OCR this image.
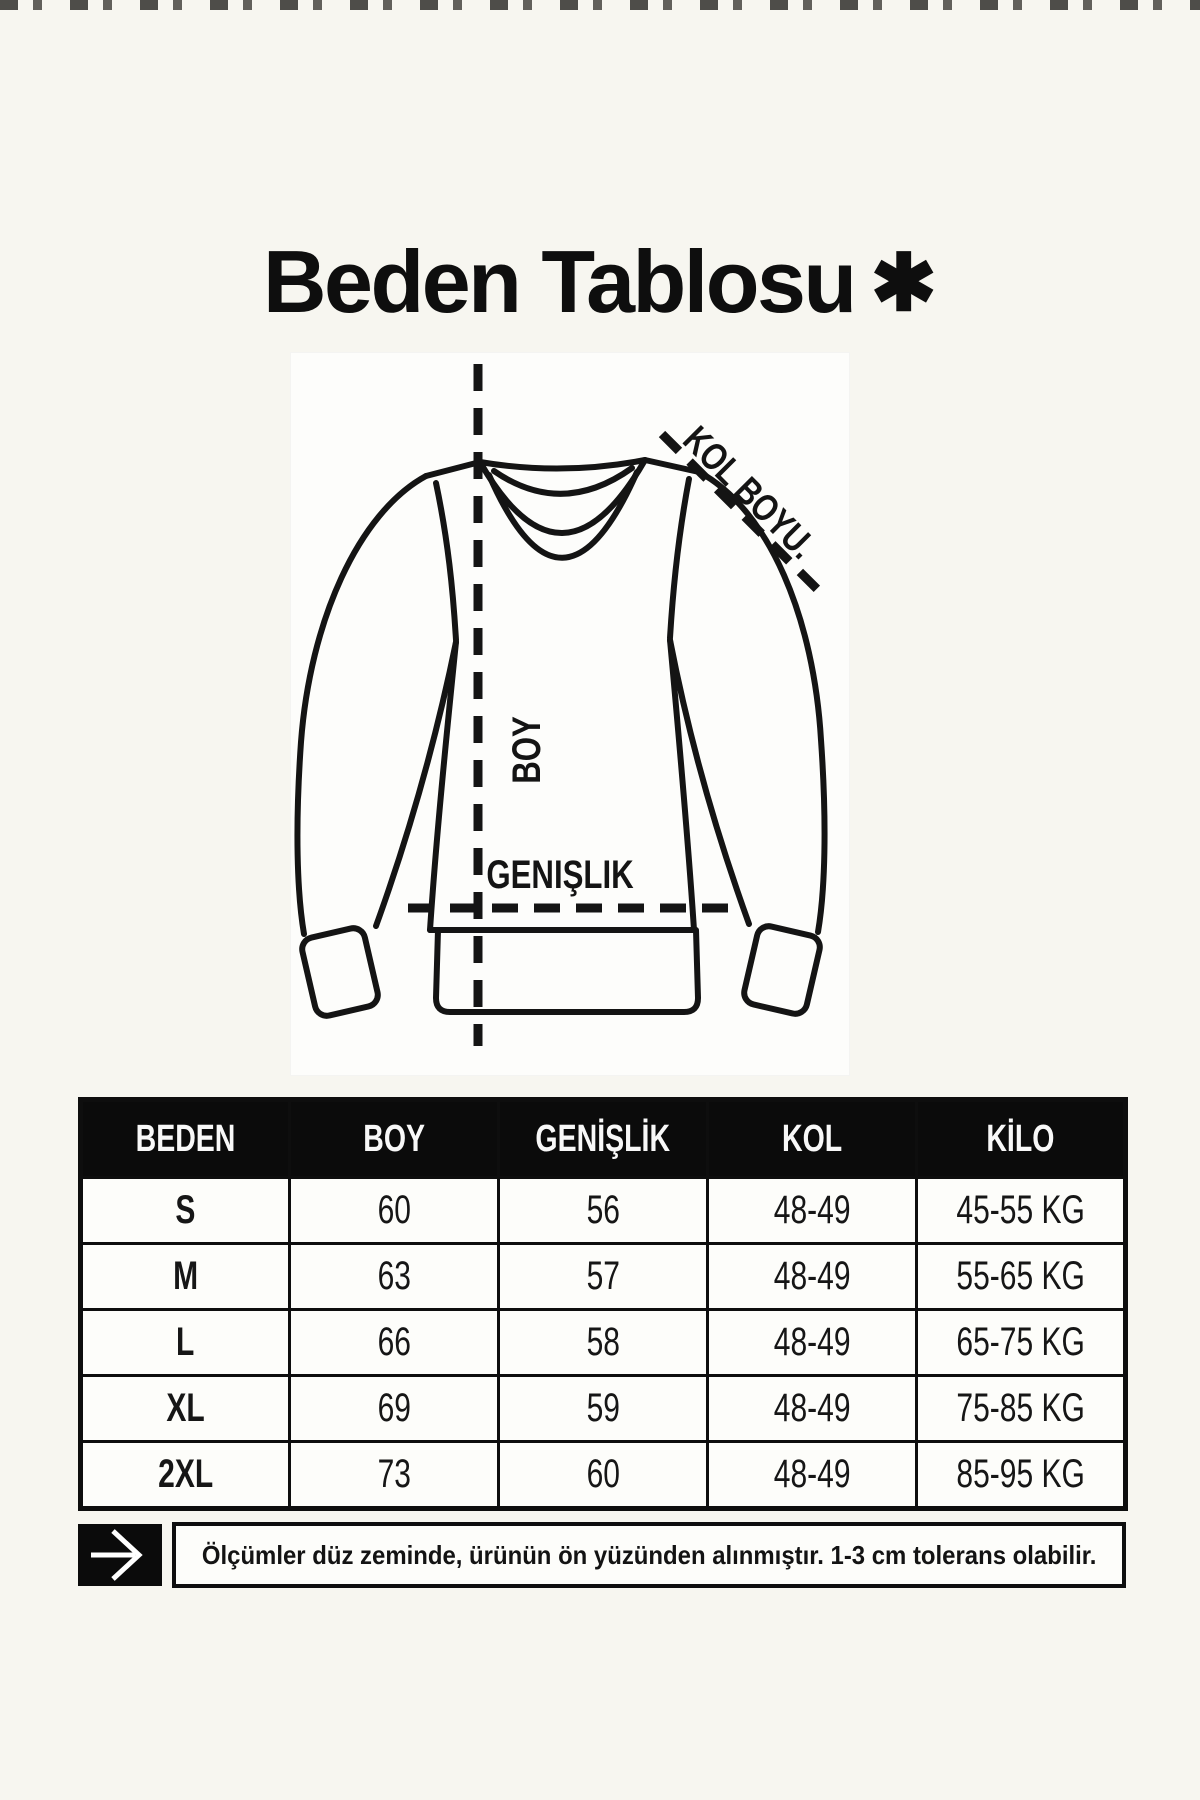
Beden Tablosu ✱
BOY
GENIŞLIK
KOL BOYU.
BEDEN	BOY	GENİŞLİK	KOL	KİLO
S	60	56	48-49	45-55 KG
M	63	57	48-49	55-65 KG
L	66	58	48-49	65-75 KG
XL	69	59	48-49	75-85 KG
2XL	73	60	48-49	85-95 KG
Ölçümler düz zeminde, ürünün ön yüzünden alınmıştır. 1-3 cm tolerans olabilir.
